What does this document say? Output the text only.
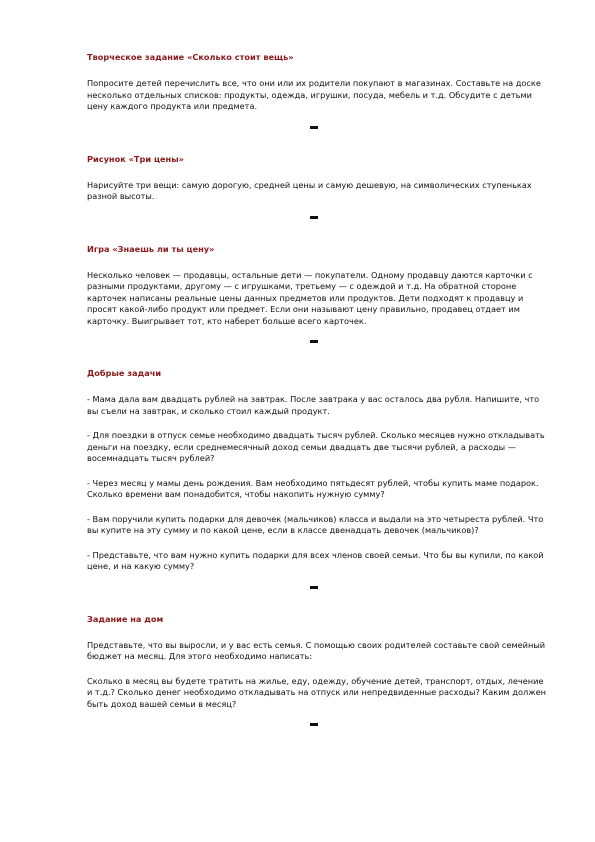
Творческое задание «Сколько стоит вещь»

Попросите детей перечислить все, что они или их родители покупают в магазинах. Составьте на доске несколько отдельных списков: продукты, одежда, игрушки, посуда, мебель и т.д. Обсудите с детьми цену каждого продукта или предмета.

Рисунок «Три цены»

Нарисуйте три вещи: самую дорогую, средней цены и самую дешевую, на символических ступеньках разной высоты.

Игра «Знаешь ли ты цену»

Несколько человек — продавцы, остальные дети — покупатели. Одному продавцу даются карточки с разными продуктами, другому — с игрушками, третьему — с одеждой и т.д. На обратной стороне карточек написаны реальные цены данных предметов или продуктов. Дети подходят к продавцу и просят какой-либо продукт или предмет. Если они называют цену правильно, продавец отдает им карточку. Выигрывает тот, кто наберет больше всего карточек.

Добрые задачи

- Мама дала вам двадцать рублей на завтрак. После завтрака у вас осталось два рубля. Напишите, что вы съели на завтрак, и сколько стоил каждый продукт.

- Для поездки в отпуск семье необходимо двадцать тысяч рублей. Сколько месяцев нужно откладывать деньги на поездку, если среднемесячный доход семьи двадцать две тысячи рублей, а расходы — восемнадцать тысяч рублей?

- Через месяц у мамы день рождения. Вам необходимо пятьдесят рублей, чтобы купить маме подарок. Сколько времени вам понадобится, чтобы накопить нужную сумму?

- Вам поручили купить подарки для девочек (мальчиков) класса и выдали на это четыреста рублей. Что вы купите на эту сумму и по какой цене, если в классе двенадцать девочек (мальчиков)?

- Представьте, что вам нужно купить подарки для всех членов своей семьи. Что бы вы купили, по какой цене, и на какую сумму?

Задание на дом

Представьте, что вы выросли, и у вас есть семья. С помощью своих родителей составьте свой семейный бюджет на месяц. Для этого необходимо написать:

Сколько в месяц вы будете тратить на жилье, еду, одежду, обучение детей, транспорт, отдых, лечение и т.д.? Сколько денег необходимо откладывать на отпуск или непредвиденные расходы? Каким должен быть доход вашей семьи в месяц?
